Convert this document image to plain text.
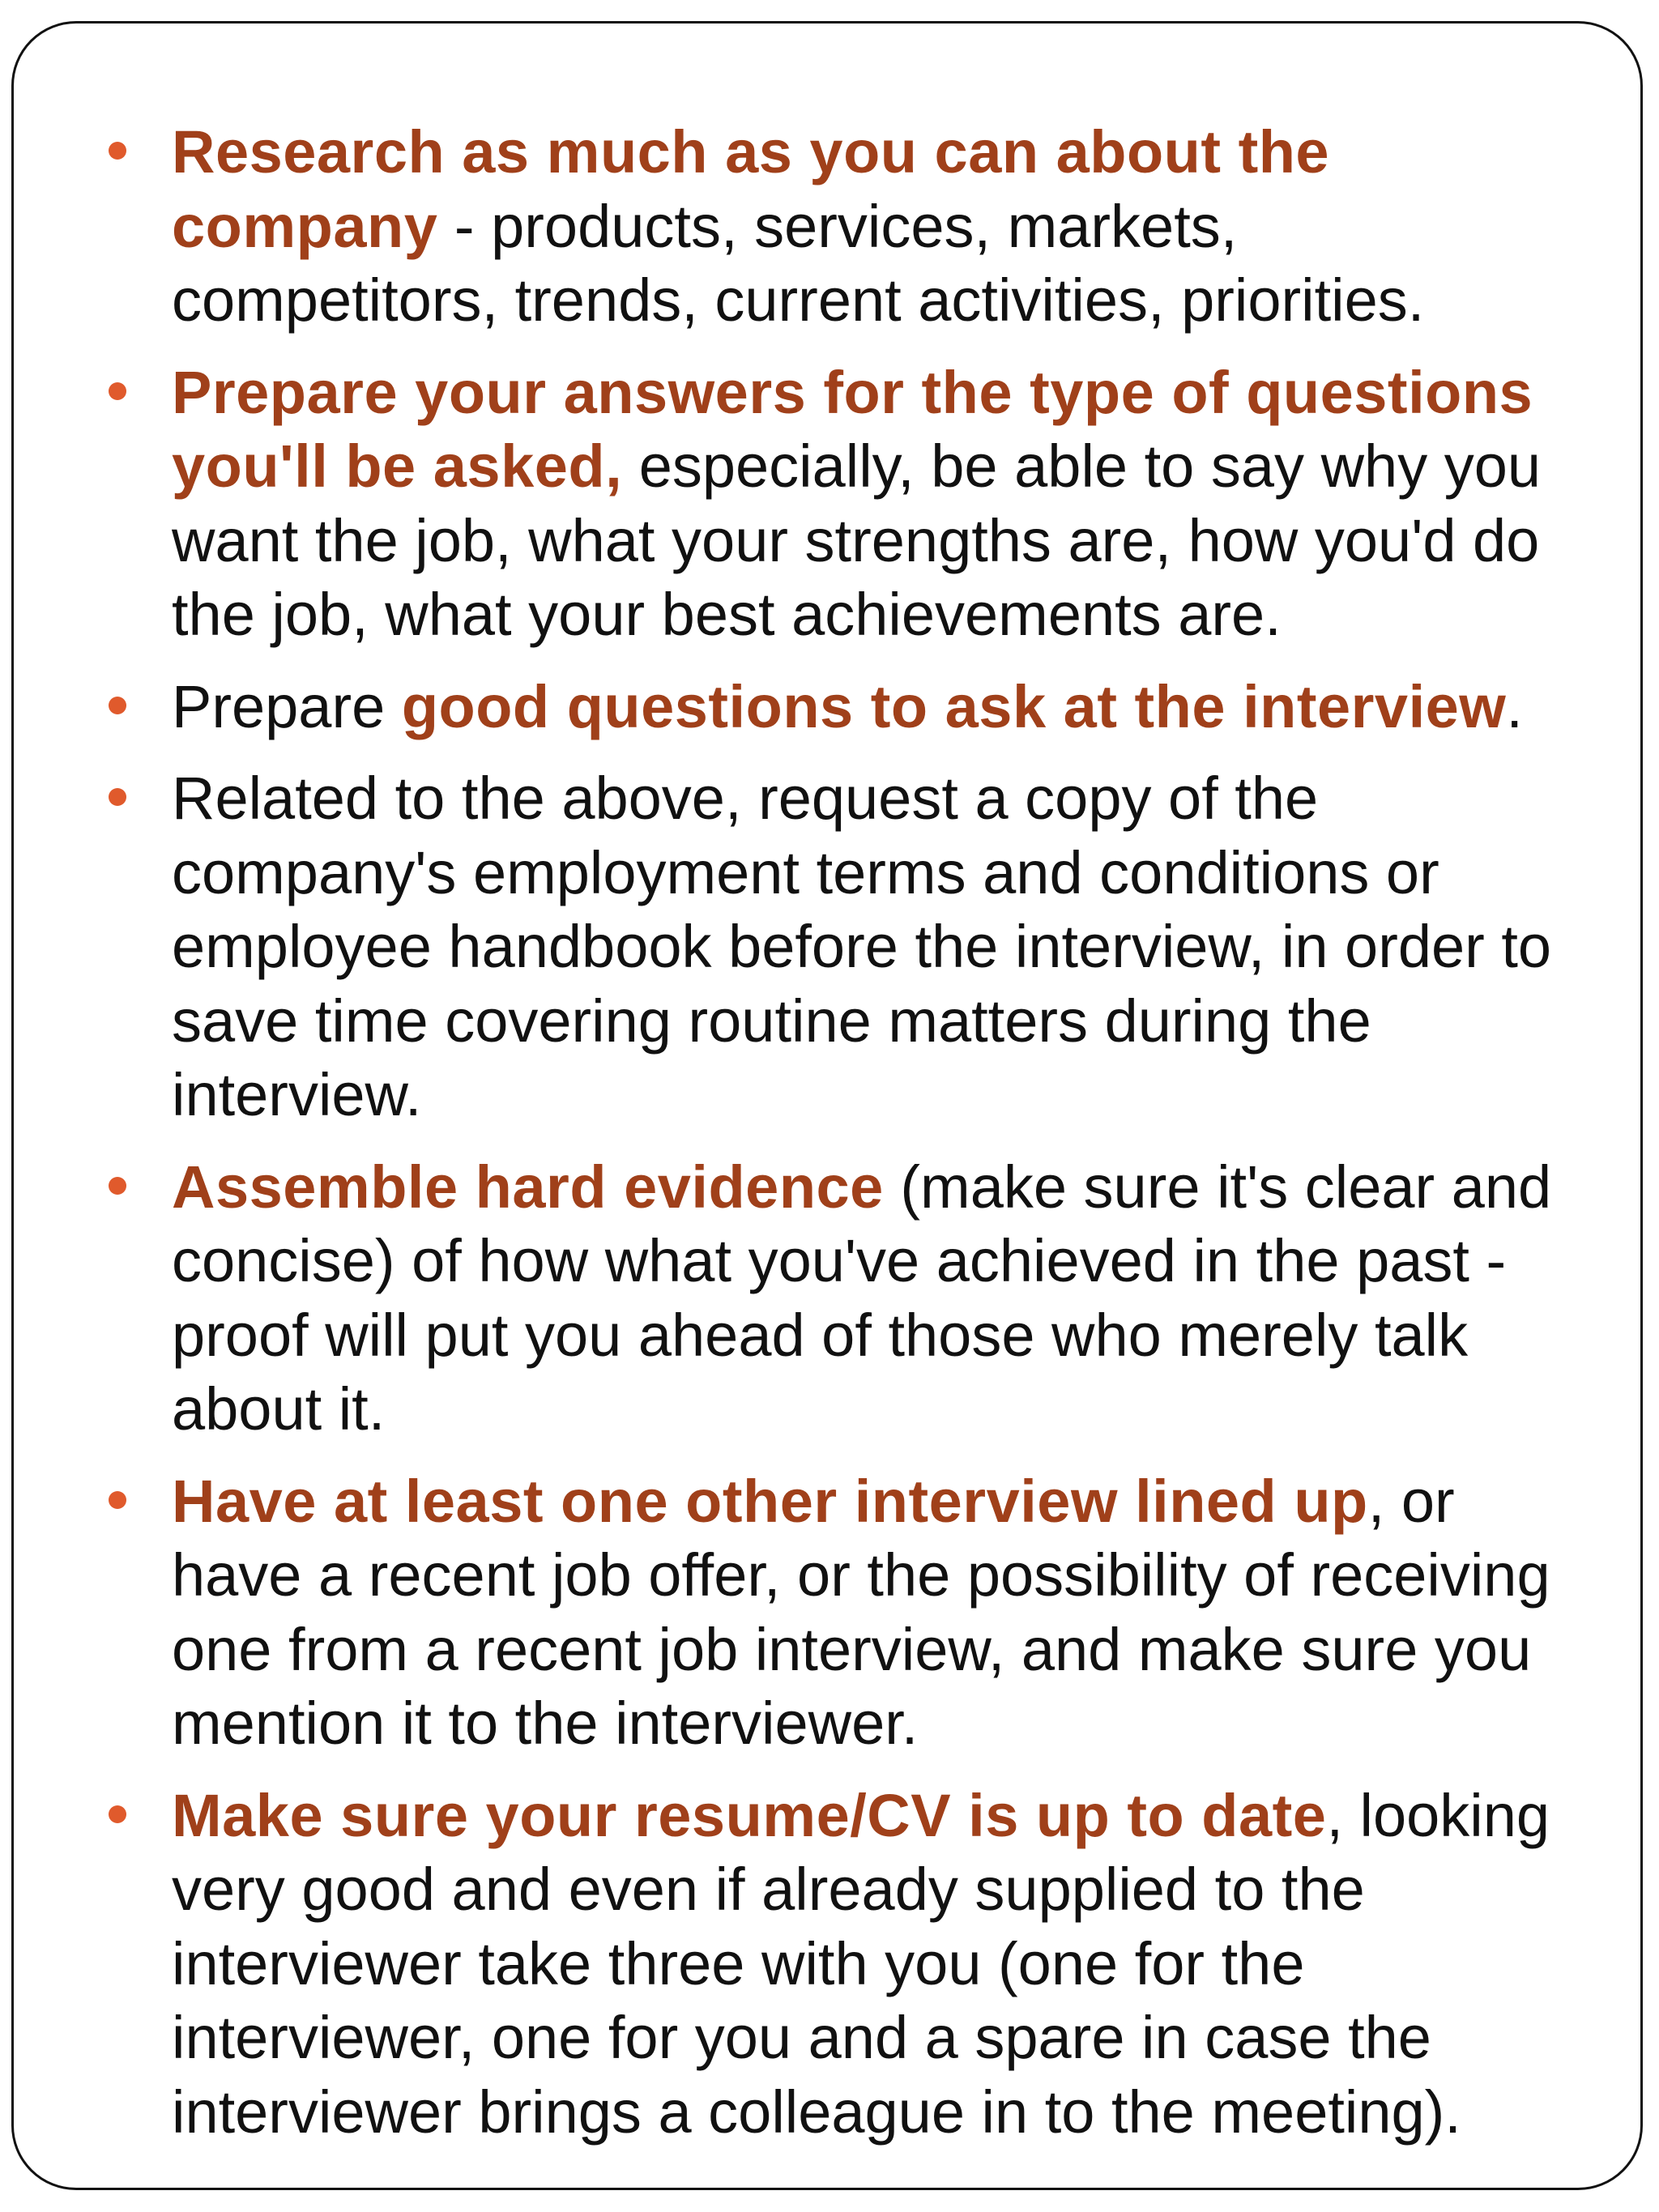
Research as much as you can about the company - products, services, markets, competitors, trends, current activities, priorities.
Prepare your answers for the type of questions you'll be asked, especially, be able to say why you want the job, what your strengths are, how you'd do the job, what your best achievements are.
Prepare good questions to ask at the interview.
Related to the above, request a copy of the company's employment terms and conditions or employee handbook before the interview, in order to save time covering routine matters during the interview.
Assemble hard evidence (make sure it's clear and concise) of how what you've achieved in the past - proof will put you ahead of those who merely talk about it.
Have at least one other interview lined up, or have a recent job offer, or the possibility of receiving one from a recent job interview, and make sure you mention it to the interviewer.
Make sure your resume/CV is up to date, looking very good and even if already supplied to the interviewer take three with you (one for the interviewer, one for you and a spare in case the interviewer brings a colleague in to the meeting).
